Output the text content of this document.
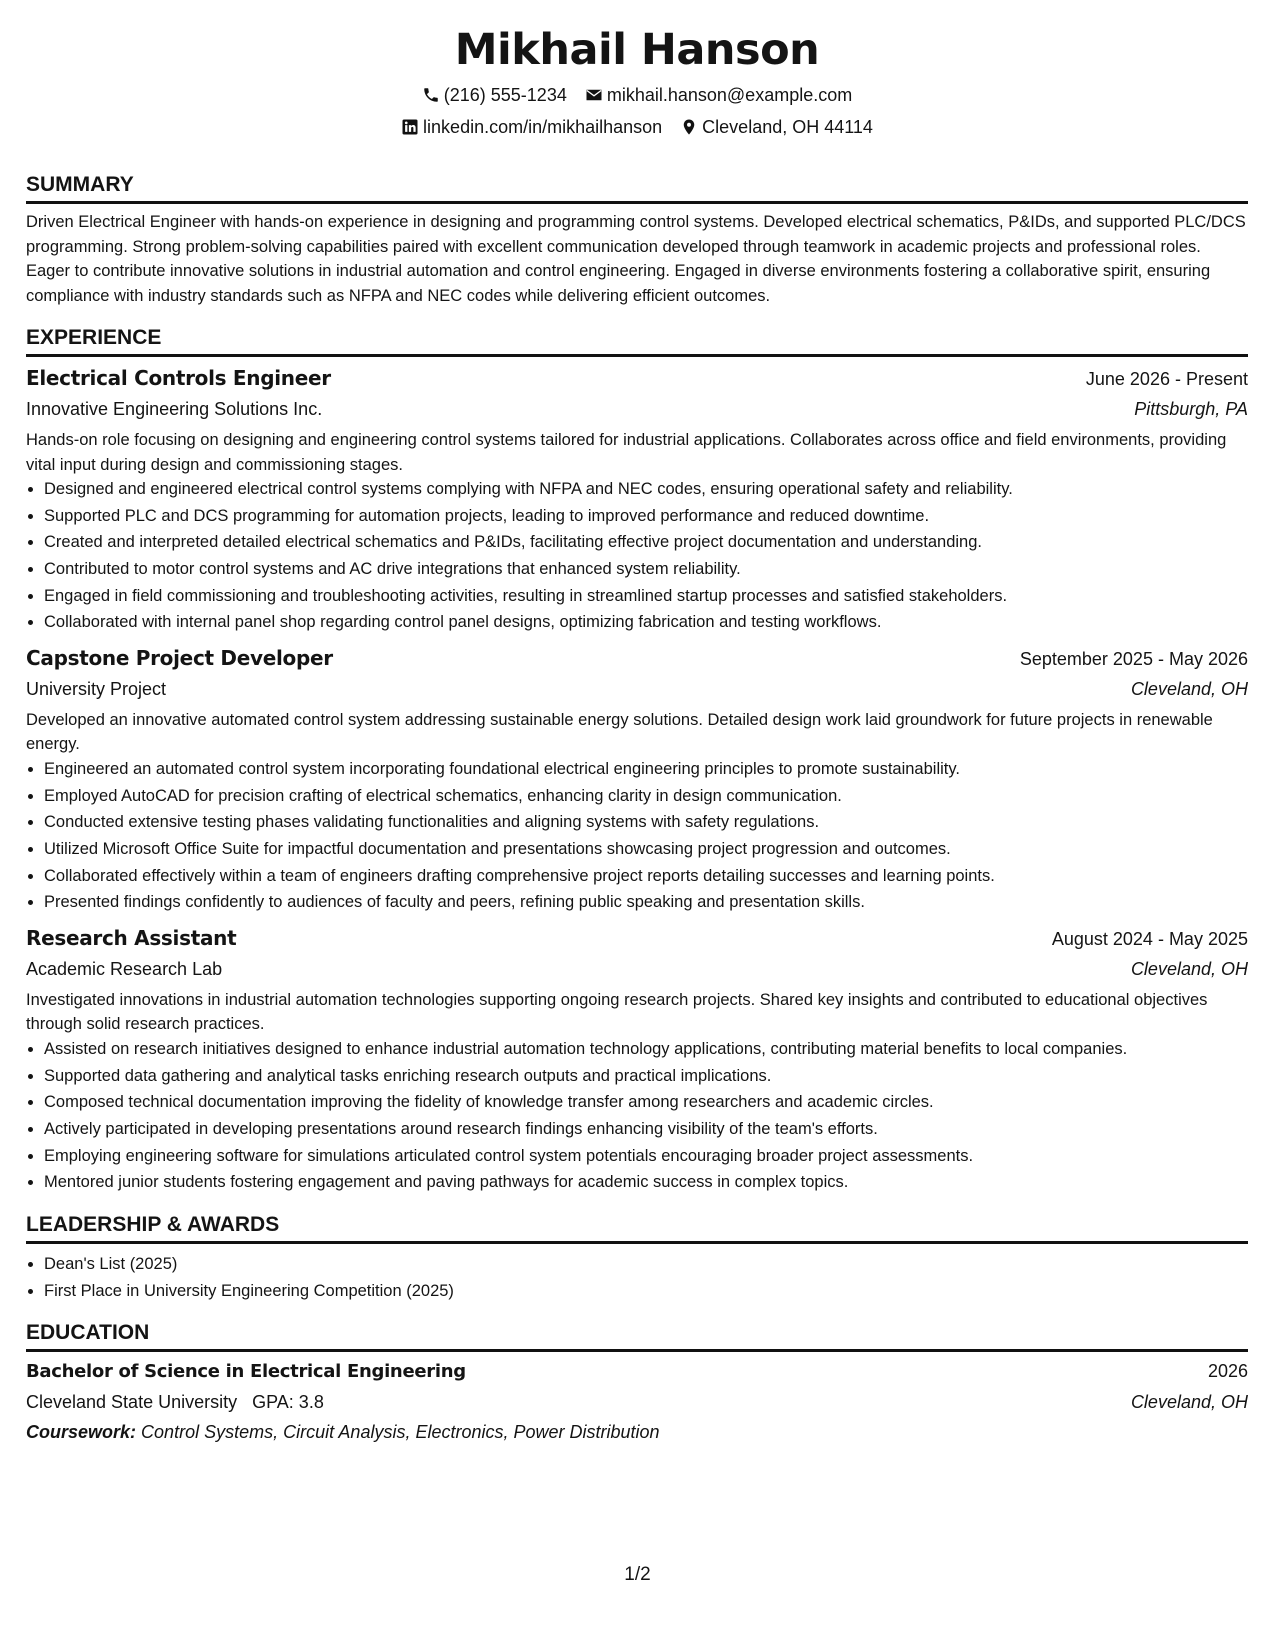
Mikhail Hanson
(216) 555-1234 mikhail.hanson@example.com
linkedin.com/in/mikhailhanson Cleveland, OH 44114
SUMMARY
Driven Electrical Engineer with hands-on experience in designing and programming control systems. Developed electrical schematics, P&IDs, and supported PLC/DCS programming. Strong problem-solving capabilities paired with excellent communication developed through teamwork in academic projects and professional roles. Eager to contribute innovative solutions in industrial automation and control engineering. Engaged in diverse environments fostering a collaborative spirit, ensuring compliance with industry standards such as NFPA and NEC codes while delivering efficient outcomes.
EXPERIENCE
Electrical Controls Engineer	June 2026 - Present
Innovative Engineering Solutions Inc.	Pittsburgh, PA
Hands-on role focusing on designing and engineering control systems tailored for industrial applications. Collaborates across office and field environments, providing vital input during design and commissioning stages.
• Designed and engineered electrical control systems complying with NFPA and NEC codes, ensuring operational safety and reliability.
• Supported PLC and DCS programming for automation projects, leading to improved performance and reduced downtime.
• Created and interpreted detailed electrical schematics and P&IDs, facilitating effective project documentation and understanding.
• Contributed to motor control systems and AC drive integrations that enhanced system reliability.
• Engaged in field commissioning and troubleshooting activities, resulting in streamlined startup processes and satisfied stakeholders.
• Collaborated with internal panel shop regarding control panel designs, optimizing fabrication and testing workflows.
Capstone Project Developer	September 2025 - May 2026
University Project	Cleveland, OH
Developed an innovative automated control system addressing sustainable energy solutions. Detailed design work laid groundwork for future projects in renewable energy.
• Engineered an automated control system incorporating foundational electrical engineering principles to promote sustainability.
• Employed AutoCAD for precision crafting of electrical schematics, enhancing clarity in design communication.
• Conducted extensive testing phases validating functionalities and aligning systems with safety regulations.
• Utilized Microsoft Office Suite for impactful documentation and presentations showcasing project progression and outcomes.
• Collaborated effectively within a team of engineers drafting comprehensive project reports detailing successes and learning points.
• Presented findings confidently to audiences of faculty and peers, refining public speaking and presentation skills.
Research Assistant	August 2024 - May 2025
Academic Research Lab	Cleveland, OH
Investigated innovations in industrial automation technologies supporting ongoing research projects. Shared key insights and contributed to educational objectives through solid research practices.
• Assisted on research initiatives designed to enhance industrial automation technology applications, contributing material benefits to local companies.
• Supported data gathering and analytical tasks enriching research outputs and practical implications.
• Composed technical documentation improving the fidelity of knowledge transfer among researchers and academic circles.
• Actively participated in developing presentations around research findings enhancing visibility of the team's efforts.
• Employing engineering software for simulations articulated control system potentials encouraging broader project assessments.
• Mentored junior students fostering engagement and paving pathways for academic success in complex topics.
LEADERSHIP & AWARDS
• Dean's List (2025)
• First Place in University Engineering Competition (2025)
EDUCATION
Bachelor of Science in Electrical Engineering	2026
Cleveland State University GPA: 3.8	Cleveland, OH
Coursework: Control Systems, Circuit Analysis, Electronics, Power Distribution
1/2
